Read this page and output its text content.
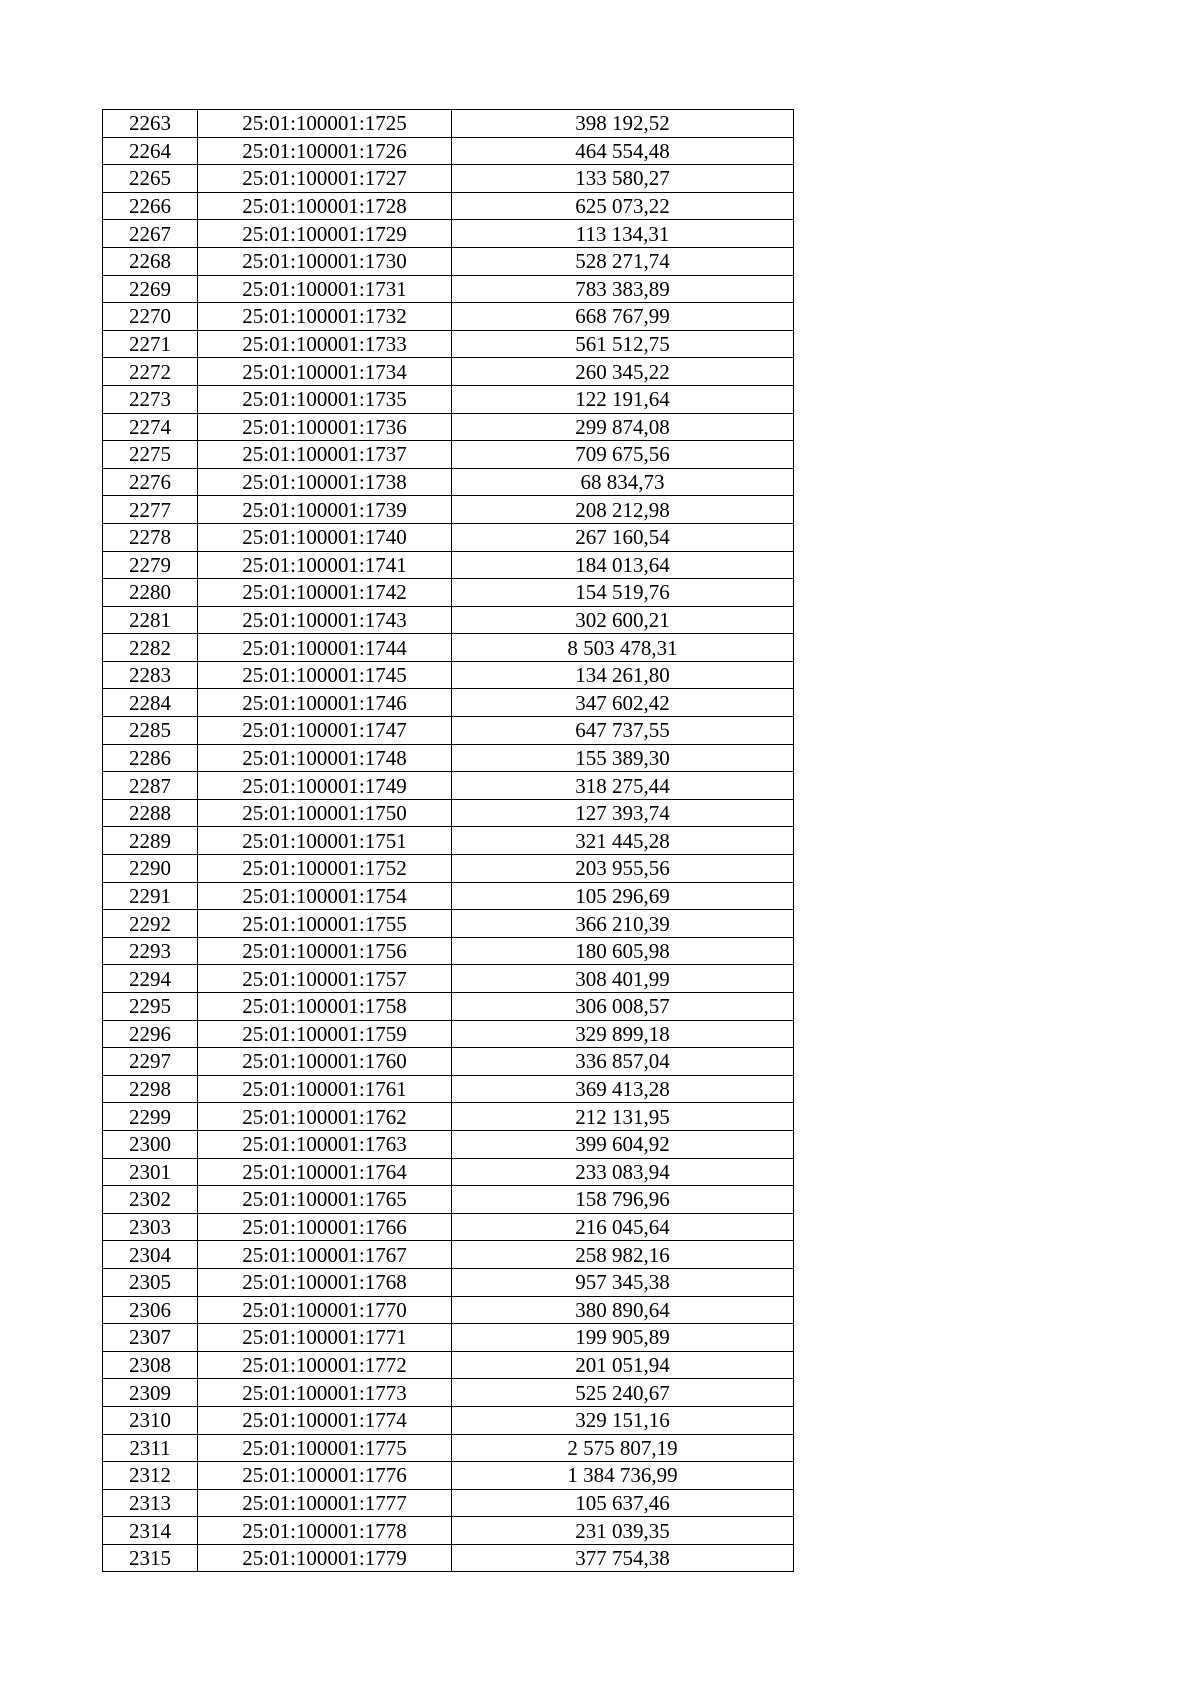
2263	25:01:100001:1725	398 192,52
2264	25:01:100001:1726	464 554,48
2265	25:01:100001:1727	133 580,27
2266	25:01:100001:1728	625 073,22
2267	25:01:100001:1729	113 134,31
2268	25:01:100001:1730	528 271,74
2269	25:01:100001:1731	783 383,89
2270	25:01:100001:1732	668 767,99
2271	25:01:100001:1733	561 512,75
2272	25:01:100001:1734	260 345,22
2273	25:01:100001:1735	122 191,64
2274	25:01:100001:1736	299 874,08
2275	25:01:100001:1737	709 675,56
2276	25:01:100001:1738	68 834,73
2277	25:01:100001:1739	208 212,98
2278	25:01:100001:1740	267 160,54
2279	25:01:100001:1741	184 013,64
2280	25:01:100001:1742	154 519,76
2281	25:01:100001:1743	302 600,21
2282	25:01:100001:1744	8 503 478,31
2283	25:01:100001:1745	134 261,80
2284	25:01:100001:1746	347 602,42
2285	25:01:100001:1747	647 737,55
2286	25:01:100001:1748	155 389,30
2287	25:01:100001:1749	318 275,44
2288	25:01:100001:1750	127 393,74
2289	25:01:100001:1751	321 445,28
2290	25:01:100001:1752	203 955,56
2291	25:01:100001:1754	105 296,69
2292	25:01:100001:1755	366 210,39
2293	25:01:100001:1756	180 605,98
2294	25:01:100001:1757	308 401,99
2295	25:01:100001:1758	306 008,57
2296	25:01:100001:1759	329 899,18
2297	25:01:100001:1760	336 857,04
2298	25:01:100001:1761	369 413,28
2299	25:01:100001:1762	212 131,95
2300	25:01:100001:1763	399 604,92
2301	25:01:100001:1764	233 083,94
2302	25:01:100001:1765	158 796,96
2303	25:01:100001:1766	216 045,64
2304	25:01:100001:1767	258 982,16
2305	25:01:100001:1768	957 345,38
2306	25:01:100001:1770	380 890,64
2307	25:01:100001:1771	199 905,89
2308	25:01:100001:1772	201 051,94
2309	25:01:100001:1773	525 240,67
2310	25:01:100001:1774	329 151,16
2311	25:01:100001:1775	2 575 807,19
2312	25:01:100001:1776	1 384 736,99
2313	25:01:100001:1777	105 637,46
2314	25:01:100001:1778	231 039,35
2315	25:01:100001:1779	377 754,38
